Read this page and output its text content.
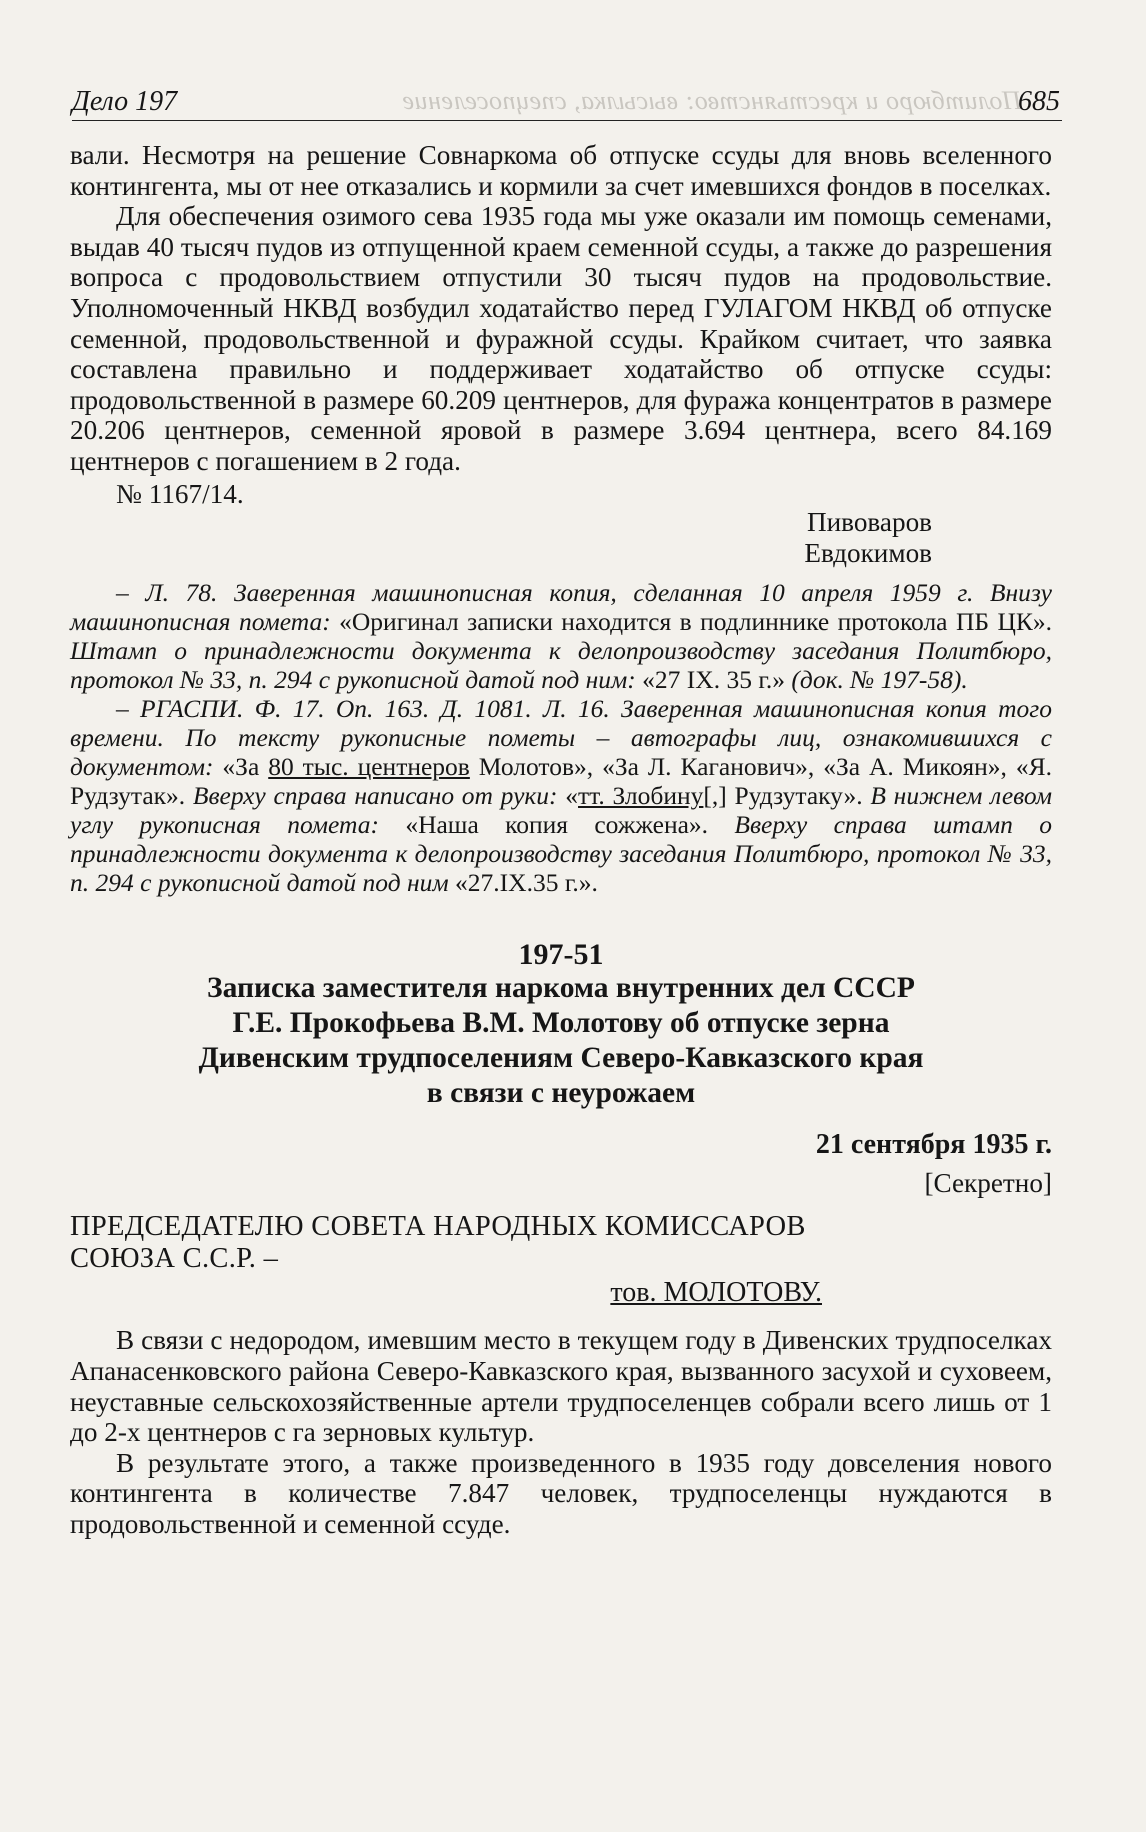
Дело 197	Политбюро и крестьянство: высылка, спецпоселение
685

вали. Несмотря на решение Совнаркома об отпуске ссуды для вновь вселенного контингента, мы от нее отказались и кормили за счет имевшихся фондов в поселках.

Для обеспечения озимого сева 1935 года мы уже оказали им помощь семенами, выдав 40 тысяч пудов из отпущенной краем семенной ссуды, а также до разрешения вопроса с продовольствием отпустили 30 тысяч пудов на продовольствие. Уполномоченный НКВД возбудил ходатайство перед ГУЛАГОМ НКВД об отпуске семенной, продовольственной и фуражной ссуды. Крайком считает, что заявка составлена правильно и поддерживает ходатайство об отпуске ссуды: продовольственной в размере 60.209 центнеров, для фуража концентратов в размере 20.206 центнеров, семенной яровой в размере 3.694 центнера, всего 84.169 центнеров с погашением в 2 года.

№ 1167/14.

Пивоваров
Евдокимов

– Л. 78. Заверенная машинописная копия, сделанная 10 апреля 1959 г. Внизу машинописная помета: «Оригинал записки находится в подлиннике протокола ПБ ЦК». Штамп о принадлежности документа к делопроизводству заседания Политбюро, протокол № 33, п. 294 с рукописной датой под ним: «27 IX. 35 г.» (док. № 197-58).

– РГАСПИ. Ф. 17. Оп. 163. Д. 1081. Л. 16. Заверенная машинописная копия того времени. По тексту рукописные пометы – автографы лиц, ознакомившихся с документом: «За 80 тыс. центнеров Молотов», «За Л. Каганович», «За А. Микоян», «Я. Рудзутак». Вверху справа написано от руки: «тт. Злобину[,] Рудзутаку». В нижнем левом углу рукописная помета: «Наша копия сожжена». Вверху справа штамп о принадлежности документа к делопроизводству заседания Политбюро, протокол № 33, п. 294 с рукописной датой под ним «27.IX.35 г.».

197-51
Записка заместителя наркома внутренних дел СССР
Г.Е. Прокофьева В.М. Молотову об отпуске зерна
Дивенским трудпоселениям Северо-Кавказского края
в связи с неурожаем
21 сентября 1935 г.
[Секретно]
ПРЕДСЕДАТЕЛЮ СОВЕТА НАРОДНЫХ КОМИССАРОВ
СОЮЗА С.С.Р. –
тов. МОЛОТОВУ.

В связи с недородом, имевшим место в текущем году в Дивенских трудпоселках Апанасенковского района Северо-Кавказского края, вызванного засухой и суховеем, неуставные сельскохозяйственные артели трудпоселенцев собрали всего лишь от 1 до 2-х центнеров с га зерновых культур.

В результате этого, а также произведенного в 1935 году довселения нового контингента в количестве 7.847 человек, трудпоселенцы нуждаются в продовольственной и семенной ссуде.
